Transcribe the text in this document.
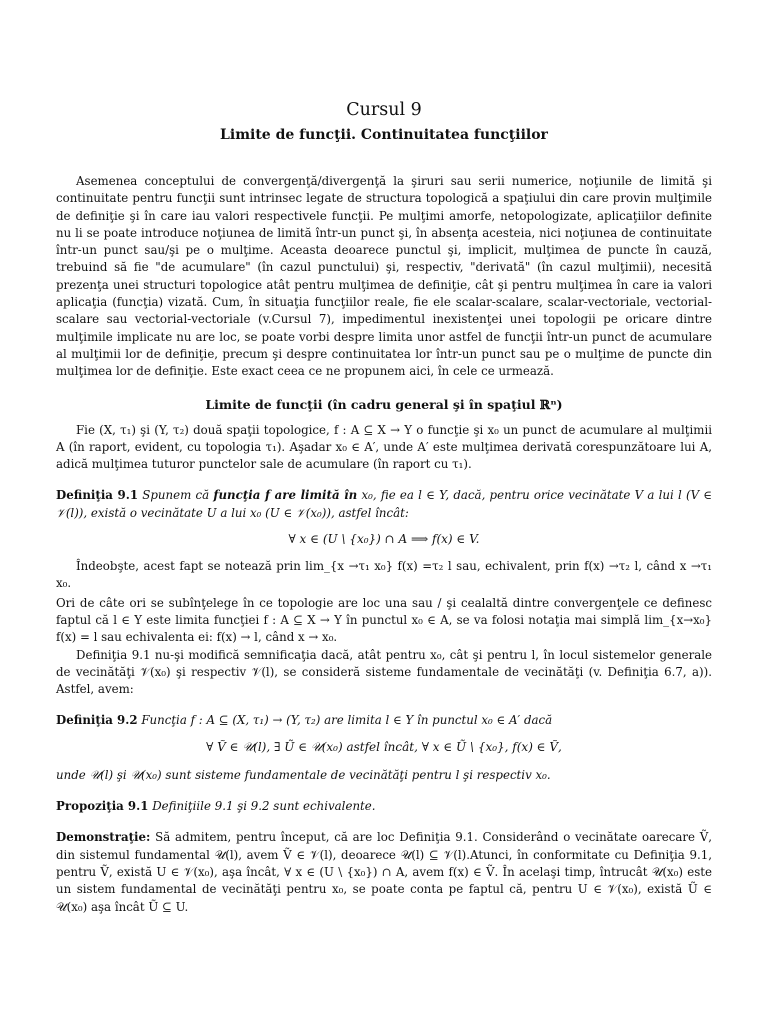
Cursul 9
Limite de funcţii. Continuitatea funcţiilor

Asemenea conceptului de convergenţă/divergenţă la şiruri sau serii numerice, noţiunile de limită şi continuitate pentru funcţii sunt intrinsec legate de structura topologică a spaţiului din care provin mulţimile de definiţie şi în care iau valori respectivele funcţii. Pe mulţimi amorfe, netopologizate, aplicaţiilor definite nu li se poate introduce noţiunea de limită într-un punct şi, în absenţa acesteia, nici noţiunea de continuitate într-un punct sau/şi pe o mulţime. Aceasta deoarece punctul şi, implicit, mulţimea de puncte în cauză, trebuind să fie "de acumulare" (în cazul punctului) şi, respectiv, "derivată" (în cazul mulţimii), necesită prezenţa unei structuri topologice atât pentru mulţimea de definiţie, cât şi pentru mulţimea în care ia valori aplicaţia (funcţia) vizată. Cum, în situaţia funcţiilor reale, fie ele scalar-scalare, scalar-vectoriale, vectorial-scalare sau vectorial-vectoriale (v.Cursul 7), impedimentul inexistenţei unei topologii pe oricare dintre mulţimile implicate nu are loc, se poate vorbi despre limita unor astfel de funcţii într-un punct de acumulare al mulţimii lor de definiţie, precum şi despre continuitatea lor într-un punct sau pe o mulţime de puncte din mulţimea lor de definiţie. Este exact ceea ce ne propunem aici, în cele ce urmează.

Limite de funcţii (în cadru general şi în spaţiul ℝⁿ)

Fie (X, τ₁) şi (Y, τ₂) două spaţii topologice, f : A ⊆ X → Y o funcţie şi x₀ un punct de acumulare al mulţimii A (în raport, evident, cu topologia τ₁). Aşadar x₀ ∈ A′, unde A′ este mulţimea derivată corespunzătoare lui A, adică mulţimea tuturor punctelor sale de acumulare (în raport cu τ₁).

Definiţia 9.1 Spunem că funcţia f are limită în x₀, fie ea l ∈ Y, dacă, pentru orice vecinătate V a lui l (V ∈ 𝒱(l)), există o vecinătate U a lui x₀ (U ∈ 𝒱(x₀)), astfel încât:

∀ x ∈ (U \ {x₀}) ∩ A ⟹ f(x) ∈ V.

Îndeobşte, acest fapt se notează prin lim_{x →τ₁ x₀} f(x) =τ₂ l sau, echivalent, prin f(x) →τ₂ l, când x →τ₁ x₀.

Ori de câte ori se subînţelege în ce topologie are loc una sau / şi cealaltă dintre convergenţele ce definesc faptul că l ∈ Y este limita funcţiei f : A ⊆ X → Y în punctul x₀ ∈ A, se va folosi notaţia mai simplă lim_{x→x₀} f(x) = l sau echivalenta ei: f(x) → l, când x → x₀.

Definiţia 9.1 nu-şi modifică semnificaţia dacă, atât pentru x₀, cât şi pentru l, în locul sistemelor generale de vecinătăţi 𝒱(x₀) şi respectiv 𝒱(l), se consideră sisteme fundamentale de vecinătăţi (v. Definiţia 6.7, a)). Astfel, avem:

Definiţia 9.2 Funcţia f : A ⊆ (X, τ₁) → (Y, τ₂) are limita l ∈ Y în punctul x₀ ∈ A′ dacă

∀ Ṽ ∈ 𝒰(l), ∃ Ũ ∈ 𝒰(x₀) astfel încât, ∀ x ∈ Ũ \ {x₀}, f(x) ∈ Ṽ,

unde 𝒰(l) şi 𝒰(x₀) sunt sisteme fundamentale de vecinătăţi pentru l şi respectiv x₀.

Propoziţia 9.1 Definiţiile 9.1 şi 9.2 sunt echivalente.

Demonstraţie: Să admitem, pentru început, că are loc Definiţia 9.1. Considerând o vecinătate oarecare Ṽ, din sistemul fundamental 𝒰(l), avem Ṽ ∈ 𝒱(l), deoarece 𝒰(l) ⊆ 𝒱(l).Atunci, în conformitate cu Definiţia 9.1, pentru Ṽ, există U ∈ 𝒱(x₀), aşa încât, ∀ x ∈ (U \ {x₀}) ∩ A, avem f(x) ∈ Ṽ. În acelaşi timp, întrucât 𝒰(x₀) este un sistem fundamental de vecinătăţi pentru x₀, se poate conta pe faptul că, pentru U ∈ 𝒱(x₀), există Ũ ∈ 𝒰(x₀) aşa încât Ũ ⊆ U.
